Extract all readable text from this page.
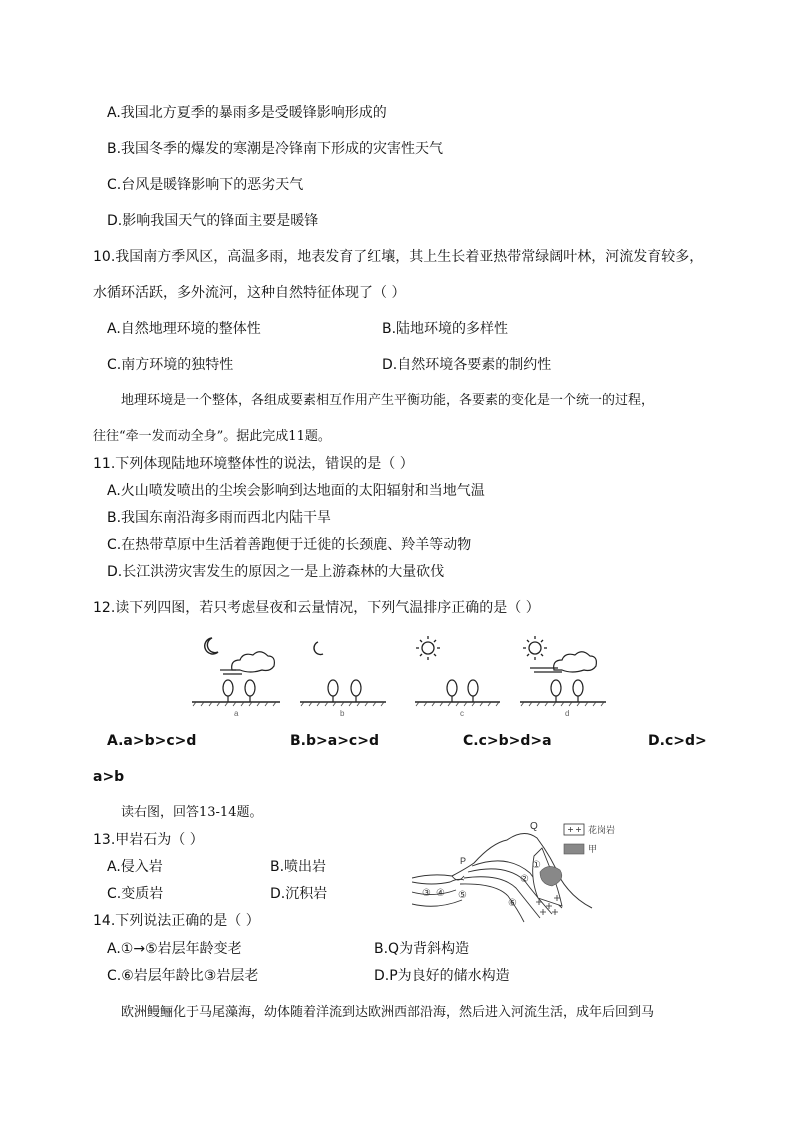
A.我国北方夏季的暴雨多是受暖锋影响形成的
B.我国冬季的爆发的寒潮是冷锋南下形成的灾害性天气
C.台风是暖锋影响下的恶劣天气
D.影响我国天气的锋面主要是暖锋
10.我国南方季风区，高温多雨，地表发育了红壤，其上生长着亚热带常绿阔叶林，河流发育较多，
水循环活跃，多外流河，这种自然特征体现了（ ）
A.自然地理环境的整体性	B.陆地环境的多样性
C.南方环境的独特性	D.自然环境各要素的制约性
地理环境是一个整体，各组成要素相互作用产生平衡功能，各要素的变化是一个统一的过程，
往往“牵一发而动全身”。据此完成11题。
11.下列体现陆地环境整体性的说法，错误的是（ ）
A.火山喷发喷出的尘埃会影响到达地面的太阳辐射和当地气温
B.我国东南沿海多雨而西北内陆干旱
C.在热带草原中生活着善跑便于迁徙的长颈鹿、羚羊等动物
D.长江洪涝灾害发生的原因之一是上游森林的大量砍伐
12.读下列四图，若只考虑昼夜和云量情况，下列气温排序正确的是（ ）
a	b	c	d
A.a>b>c>d	B.b>a>c>d	C.c>b>d>a	D.c>d>
a>b
读右图，回答13-14题。
13.甲岩石为（ ）
A.侵入岩	B.喷出岩
C.变质岩	D.沉积岩
Q
P	①
②
③ ④ ⑤
⑥
花岗岩
甲
14.下列说法正确的是（ ）
A.①→⑤岩层年龄变老	B.Q为背斜构造
C.⑥岩层年龄比③岩层老	D.P为良好的储水构造
欧洲鳗鲡化于马尾藻海，幼体随着洋流到达欧洲西部沿海，然后进入河流生活，成年后回到马
